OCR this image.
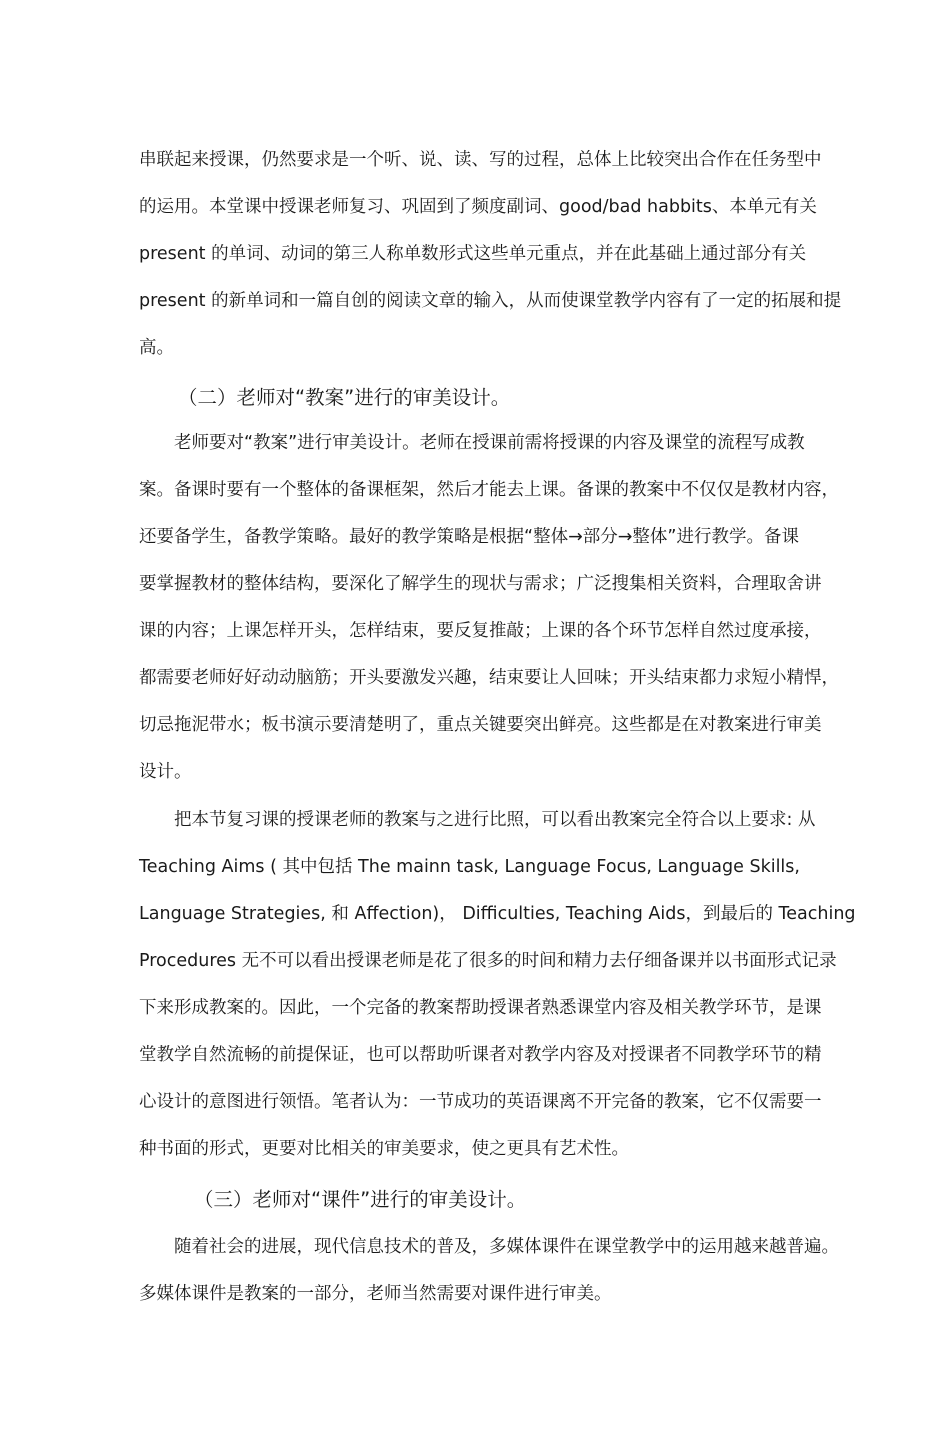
串联起来授课，仍然要求是一个听、说、读、写的过程，总体上比较突出合作在任务型中
的运用。本堂课中授课老师复习、巩固到了频度副词、good/bad habbits、本单元有关
present 的单词、动词的第三人称单数形式这些单元重点，并在此基础上通过部分有关
present 的新单词和一篇自创的阅读文章的输入，从而使课堂教学内容有了一定的拓展和提
高。
（二）老师对“教案”进行的审美设计。
　　老师要对“教案”进行审美设计。老师在授课前需将授课的内容及课堂的流程写成教
案。备课时要有一个整体的备课框架，然后才能去上课。备课的教案中不仅仅是教材内容，
还要备学生，备教学策略。最好的教学策略是根据“整体→部分→整体”进行教学。备课
要掌握教材的整体结构，要深化了解学生的现状与需求；广泛搜集相关资料，合理取舍讲
课的内容；上课怎样开头，怎样结束，要反复推敲；上课的各个环节怎样自然过度承接，
都需要老师好好动动脑筋；开头要激发兴趣，结束要让人回味；开头结束都力求短小精悍，
切忌拖泥带水；板书演示要清楚明了，重点关键要突出鲜亮。这些都是在对教案进行审美
设计。
　　把本节复习课的授课老师的教案与之进行比照，可以看出教案完全符合以上要求: 从
Teaching Aims ( 其中包括 The mainn task, Language Focus, Language Skills,
Language Strategies, 和 Affection)， Difficulties, Teaching Aids，到最后的 Teaching
Procedures 无不可以看出授课老师是花了很多的时间和精力去仔细备课并以书面形式记录
下来形成教案的。因此，一个完备的教案帮助授课者熟悉课堂内容及相关教学环节，是课
堂教学自然流畅的前提保证，也可以帮助听课者对教学内容及对授课者不同教学环节的精
心设计的意图进行领悟。笔者认为：一节成功的英语课离不开完备的教案，它不仅需要一
种书面的形式，更要对比相关的审美要求，使之更具有艺术性。
（三）老师对“课件”进行的审美设计。
　　随着社会的进展，现代信息技术的普及，多媒体课件在课堂教学中的运用越来越普遍。
多媒体课件是教案的一部分，老师当然需要对课件进行审美。
